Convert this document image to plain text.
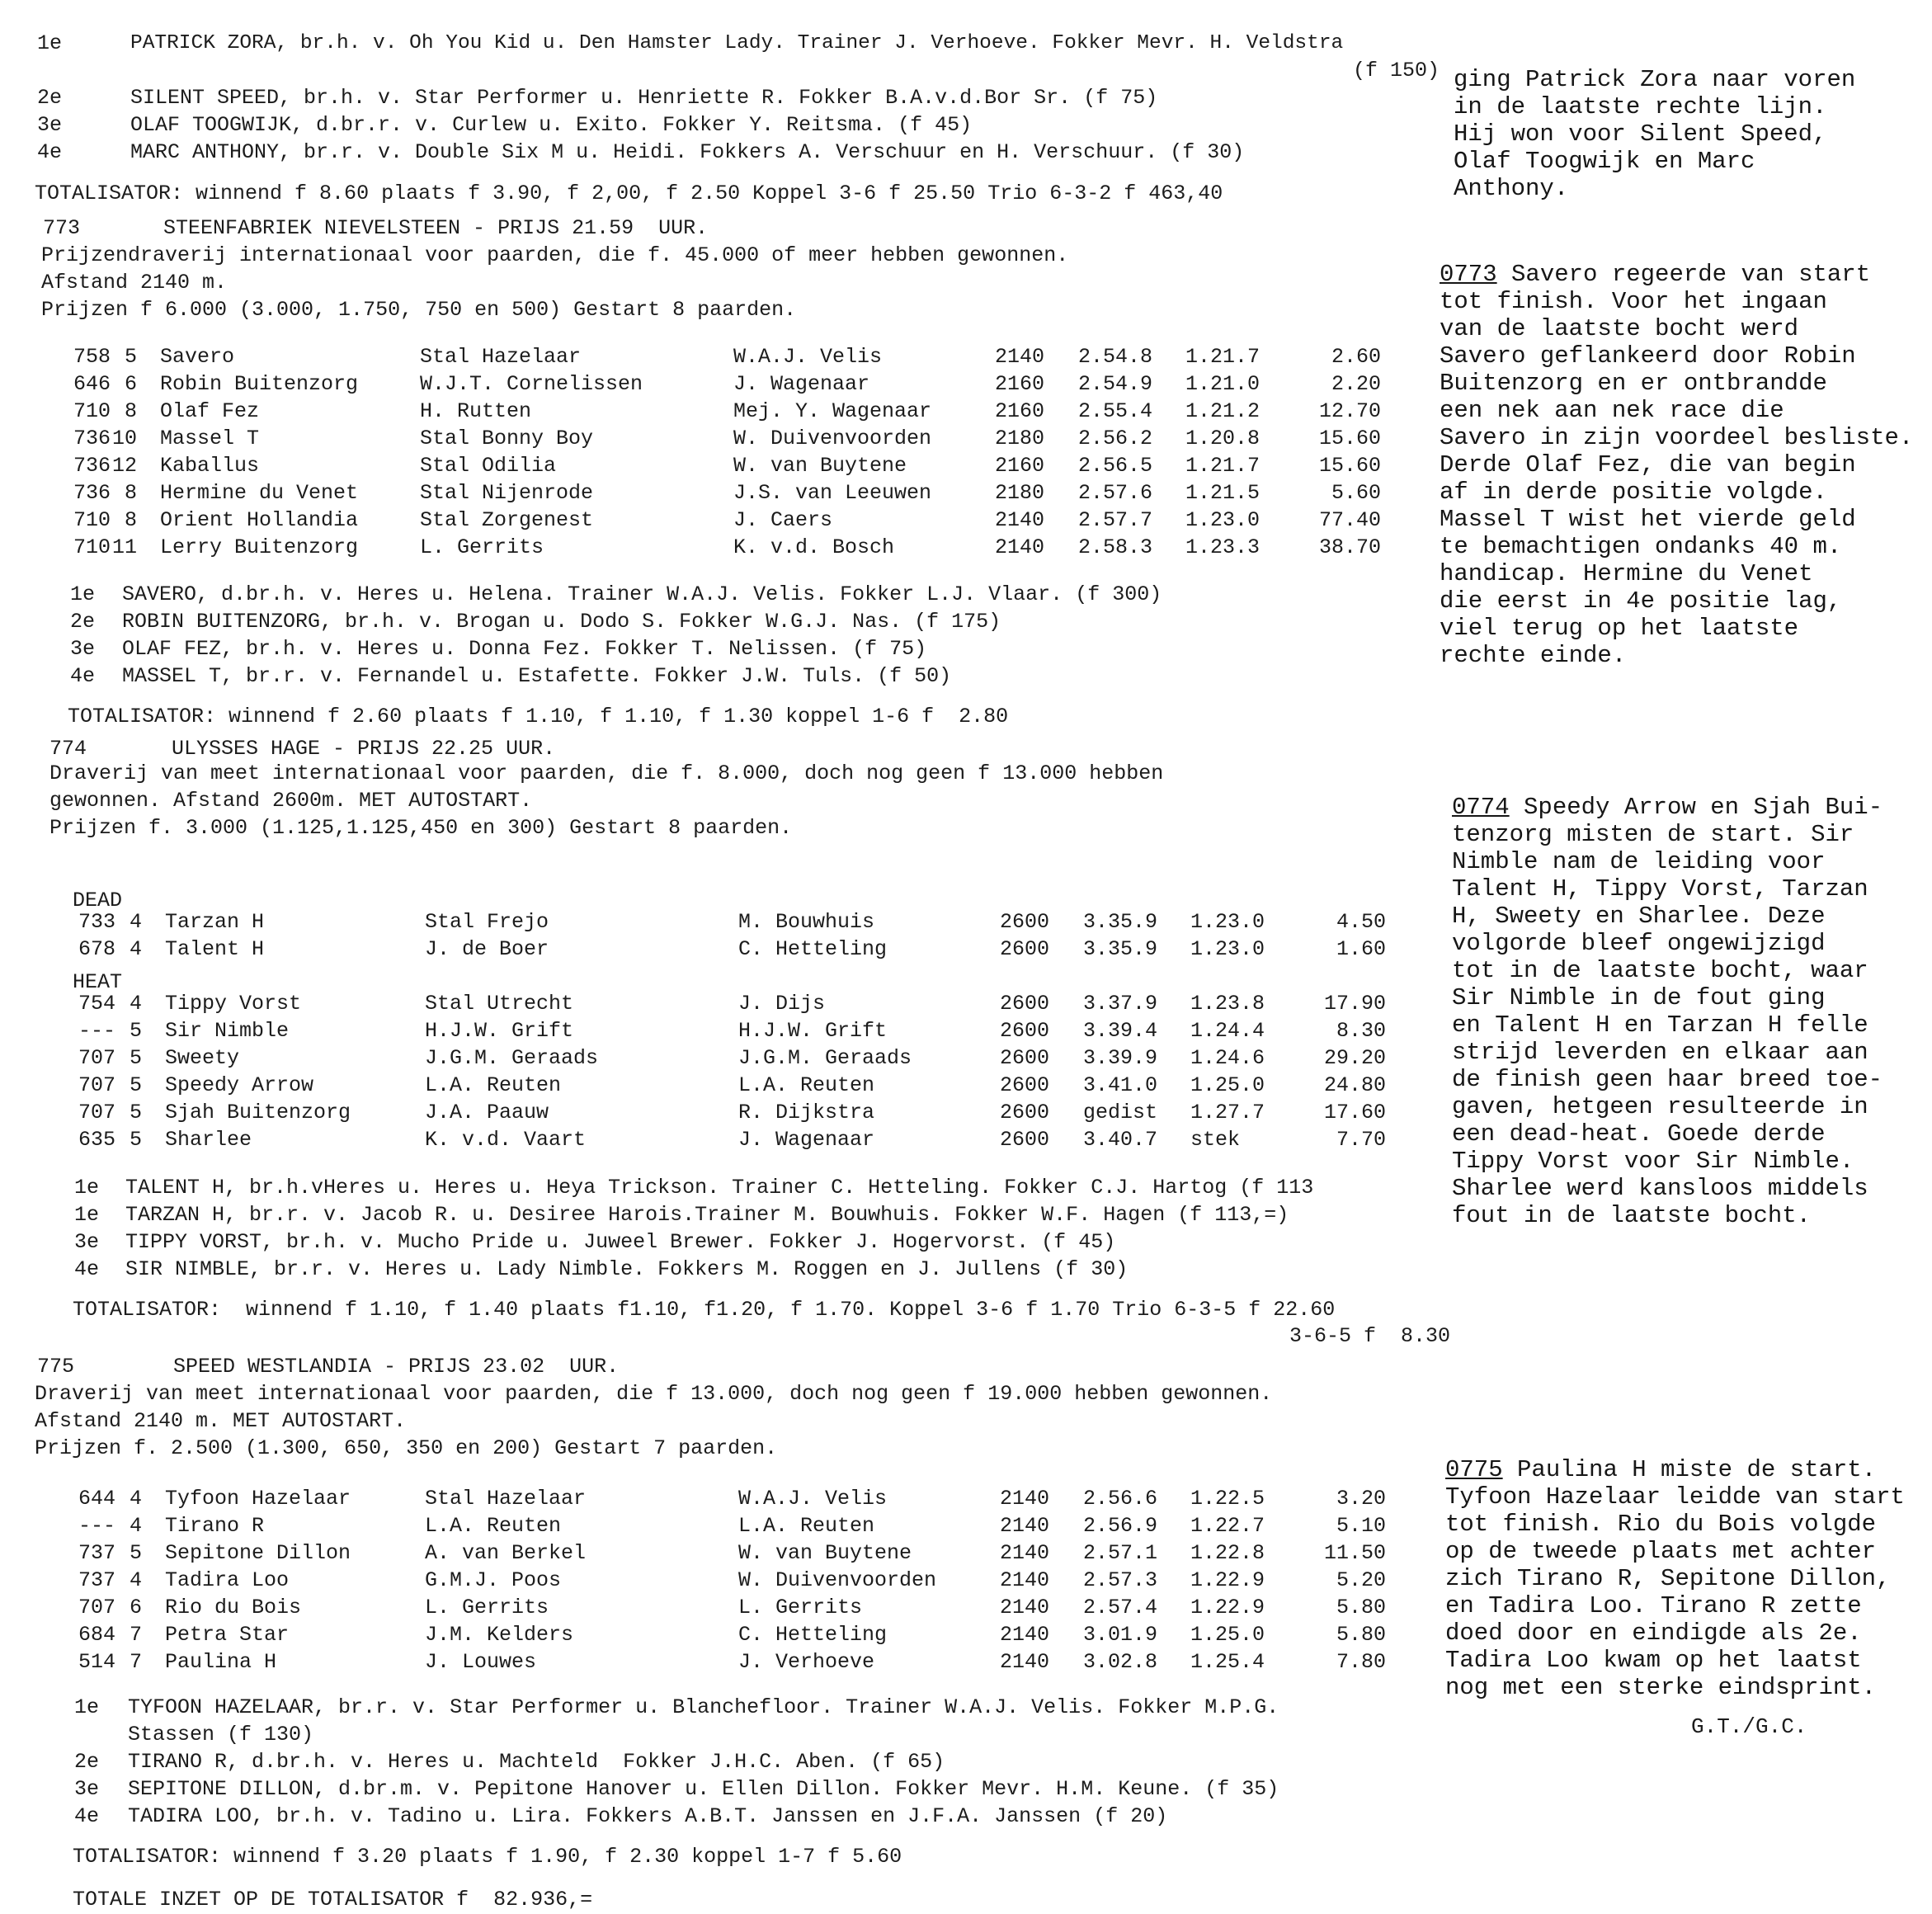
1e	PATRICK ZORA, br.h. v. Oh You Kid u. Den Hamster Lady. Trainer J. Verhoeve. Fokker Mevr. H. Veldstra
(f 150)
2e	SILENT SPEED, br.h. v. Star Performer u. Henriette R. Fokker B.A.v.d.Bor Sr. (f 75)
3e	OLAF TOOGWIJK, d.br.r. v. Curlew u. Exito. Fokker Y. Reitsma. (f 45)
4e	MARC ANTHONY, br.r. v. Double Six M u. Heidi. Fokkers A. Verschuur en H. Verschuur. (f 30)
TOTALISATOR: winnend f 8.60 plaats f 3.90, f 2,00, f 2.50 Koppel 3-6 f 25.50 Trio 6-3-2 f 463,40
ging Patrick Zora naar voren
in de laatste rechte lijn.
Hij won voor Silent Speed,
Olaf Toogwijk en Marc
Anthony.
773	STEENFABRIEK NIEVELSTEEN - PRIJS 21.59  UUR.
Prijzendraverij internationaal voor paarden, die f. 45.000 of meer hebben gewonnen.
Afstand 2140 m.
Prijzen f 6.000 (3.000, 1.750, 750 en 500) Gestart 8 paarden.
758 5 Savero	Stal Hazelaar	W.A.J. Velis	2140 2.54.8 1.21.7	2.60
646 6 Robin Buitenzorg	W.J.T. Cornelissen	J. Wagenaar	2160 2.54.9 1.21.0	2.20
710 8 Olaf Fez	H. Rutten	Mej. Y. Wagenaar	2160 2.55.4 1.21.2	12.70
736 10 Massel T	Stal Bonny Boy	W. Duivenvoorden	2180 2.56.2 1.20.8	15.60
736 12 Kaballus	Stal Odilia	W. van Buytene	2160 2.56.5 1.21.7	15.60
736 8 Hermine du Venet	Stal Nijenrode	J.S. van Leeuwen	2180 2.57.6 1.21.5	5.60
710 8 Orient Hollandia	Stal Zorgenest	J. Caers	2140 2.57.7 1.23.0	77.40
710 11 Lerry Buitenzorg	L. Gerrits	K. v.d. Bosch	2140 2.58.3 1.23.3	38.70
1e SAVERO, d.br.h. v. Heres u. Helena. Trainer W.A.J. Velis. Fokker L.J. Vlaar. (f 300)
2e ROBIN BUITENZORG, br.h. v. Brogan u. Dodo S. Fokker W.G.J. Nas. (f 175)
3e OLAF FEZ, br.h. v. Heres u. Donna Fez. Fokker T. Nelissen. (f 75)
4e MASSEL T, br.r. v. Fernandel u. Estafette. Fokker J.W. Tuls. (f 50)
TOTALISATOR: winnend f 2.60 plaats f 1.10, f 1.10, f 1.30 koppel 1-6 f  2.80
0773 Savero regeerde van start
tot finish. Voor het ingaan
van de laatste bocht werd
Savero geflankeerd door Robin
Buitenzorg en er ontbrandde
een nek aan nek race die
Savero in zijn voordeel besliste.
Derde Olaf Fez, die van begin
af in derde positie volgde.
Massel T wist het vierde geld
te bemachtigen ondanks 40 m.
handicap. Hermine du Venet
die eerst in 4e positie lag,
viel terug op het laatste
rechte einde.
774	ULYSSES HAGE - PRIJS 22.25 UUR.
Draverij van meet internationaal voor paarden, die f. 8.000, doch nog geen f 13.000 hebben
gewonnen. Afstand 2600m. MET AUTOSTART.
Prijzen f. 3.000 (1.125,1.125,450 en 300) Gestart 8 paarden.
DEAD
HEAT
733 4 Tarzan H	Stal Frejo	M. Bouwhuis	2600 3.35.9 1.23.0	4.50
678 4 Talent H	J. de Boer	C. Hetteling	2600 3.35.9 1.23.0	1.60
754 4 Tippy Vorst	Stal Utrecht	J. Dijs	2600 3.37.9 1.23.8	17.90
--- 5 Sir Nimble	H.J.W. Grift	H.J.W. Grift	2600 3.39.4 1.24.4	8.30
707 5 Sweety	J.G.M. Geraads	J.G.M. Geraads	2600 3.39.9 1.24.6	29.20
707 5 Speedy Arrow	L.A. Reuten	L.A. Reuten	2600 3.41.0 1.25.0	24.80
707 5 Sjah Buitenzorg	J.A. Paauw	R. Dijkstra	2600 gedist 1.27.7	17.60
635 5 Sharlee	K. v.d. Vaart	J. Wagenaar	2600 3.40.7 stek	7.70
1e TALENT H, br.h.vHeres u. Heres u. Heya Trickson. Trainer C. Hetteling. Fokker C.J. Hartog (f 113
1e TARZAN H, br.r. v. Jacob R. u. Desiree Harois.Trainer M. Bouwhuis. Fokker W.F. Hagen (f 113,=)
3e TIPPY VORST, br.h. v. Mucho Pride u. Juweel Brewer. Fokker J. Hogervorst. (f 45)
4e SIR NIMBLE, br.r. v. Heres u. Lady Nimble. Fokkers M. Roggen en J. Jullens (f 30)
TOTALISATOR:  winnend f 1.10, f 1.40 plaats f1.10, f1.20, f 1.70. Koppel 3-6 f 1.70 Trio 6-3-5 f 22.60
3-6-5 f  8.30
0774 Speedy Arrow en Sjah Bui-
tenzorg misten de start. Sir
Nimble nam de leiding voor
Talent H, Tippy Vorst, Tarzan
H, Sweety en Sharlee. Deze
volgorde bleef ongewijzigd
tot in de laatste bocht, waar
Sir Nimble in de fout ging
en Talent H en Tarzan H felle
strijd leverden en elkaar aan
de finish geen haar breed toe-
gaven, hetgeen resulteerde in
een dead-heat. Goede derde
Tippy Vorst voor Sir Nimble.
Sharlee werd kansloos middels
fout in de laatste bocht.
775	SPEED WESTLANDIA - PRIJS 23.02  UUR.
Draverij van meet internationaal voor paarden, die f 13.000, doch nog geen f 19.000 hebben gewonnen.
Afstand 2140 m. MET AUTOSTART.
Prijzen f. 2.500 (1.300, 650, 350 en 200) Gestart 7 paarden.
644 4 Tyfoon Hazelaar	Stal Hazelaar	W.A.J. Velis	2140 2.56.6 1.22.5	3.20
--- 4 Tirano R	L.A. Reuten	L.A. Reuten	2140 2.56.9 1.22.7	5.10
737 5 Sepitone Dillon	A. van Berkel	W. van Buytene	2140 2.57.1 1.22.8	11.50
737 4 Tadira Loo	G.M.J. Poos	W. Duivenvoorden	2140 2.57.3 1.22.9	5.20
707 6 Rio du Bois	L. Gerrits	L. Gerrits	2140 2.57.4 1.22.9	5.80
684 7 Petra Star	J.M. Kelders	C. Hetteling	2140 3.01.9 1.25.0	5.80
514 7 Paulina H	J. Louwes	J. Verhoeve	2140 3.02.8 1.25.4	7.80
1e TYFOON HAZELAAR, br.r. v. Star Performer u. Blanchefloor. Trainer W.A.J. Velis. Fokker M.P.G.
Stassen (f 130)
2e TIRANO R, d.br.h. v. Heres u. Machteld  Fokker J.H.C. Aben. (f 65)
3e SEPITONE DILLON, d.br.m. v. Pepitone Hanover u. Ellen Dillon. Fokker Mevr. H.M. Keune. (f 35)
4e TADIRA LOO, br.h. v. Tadino u. Lira. Fokkers A.B.T. Janssen en J.F.A. Janssen (f 20)
TOTALISATOR: winnend f 3.20 plaats f 1.90, f 2.30 koppel 1-7 f 5.60
TOTALE INZET OP DE TOTALISATOR f  82.936,=
0775 Paulina H miste de start.
Tyfoon Hazelaar leidde van start
tot finish. Rio du Bois volgde
op de tweede plaats met achter
zich Tirano R, Sepitone Dillon,
en Tadira Loo. Tirano R zette
doed door en eindigde als 2e.
Tadira Loo kwam op het laatst
nog met een sterke eindsprint.
G.T./G.C.
